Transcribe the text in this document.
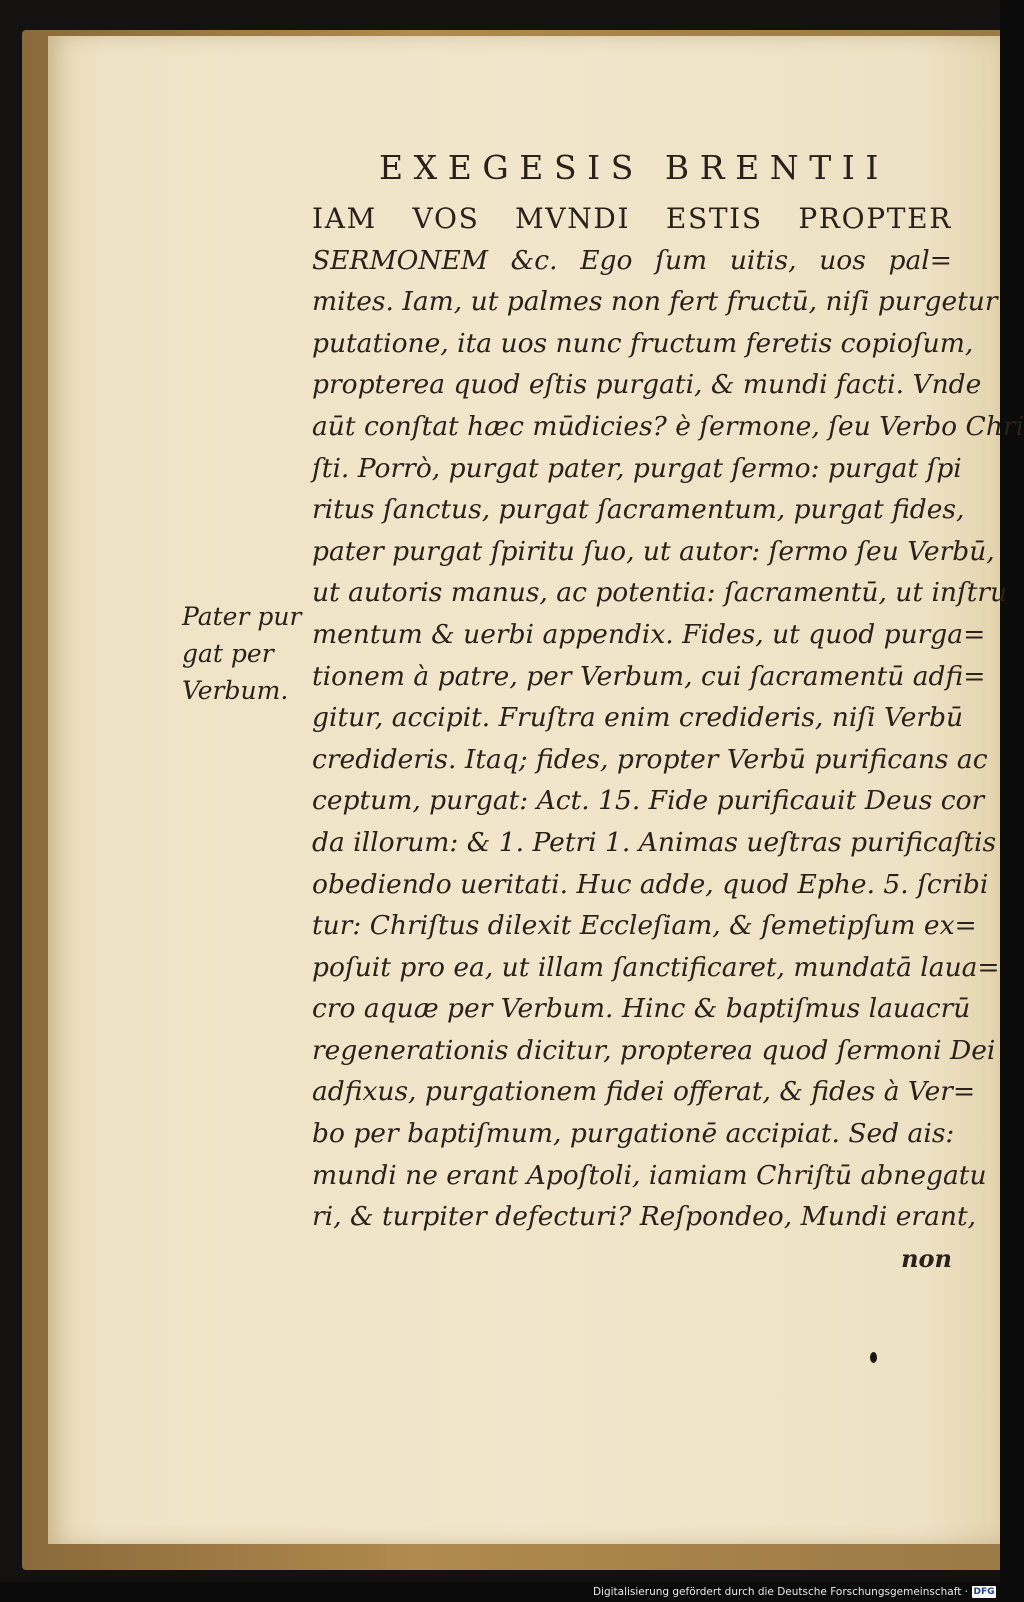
EXEGESIS BRENTII
IAM VOS MVNDI ESTIS PROPTER
SERMONEM &c. Ego ſum uitis, uos pal=
mites. Iam, ut palmes non fert fructū, niſi purgetur
putatione, ita uos nunc fructum feretis copioſum,
propterea quod eſtis purgati, & mundi facti. Vnde
aūt conſtat hæc mūdicies? è ſermone, ſeu Verbo Chri
ſti. Porrò, purgat pater, purgat ſermo: purgat ſpi
ritus ſanctus, purgat ſacramentum, purgat fides,
pater purgat ſpiritu ſuo, ut autor: ſermo ſeu Verbū,
ut autoris manus, ac potentia: ſacramentū, ut inſtru
mentum & uerbi appendix. Fides, ut quod purga=
tionem à patre, per Verbum, cui ſacramentū adfi=
gitur, accipit. Fruſtra enim credideris, niſi Verbū
credideris. Itaq; fides, propter Verbū purificans ac
ceptum, purgat: Act. 15. Fide purificauit Deus cor
da illorum: & 1. Petri 1. Animas ueſtras purificaſtis
obediendo ueritati. Huc adde, quod Ephe. 5. ſcribi
tur: Chriſtus dilexit Eccleſiam, & ſemetipſum ex=
poſuit pro ea, ut illam ſanctificaret, mundatā laua=
cro aquæ per Verbum. Hinc & baptiſmus lauacrū
regenerationis dicitur, propterea quod ſermoni Dei
adfixus, purgationem fidei offerat, & fides à Ver=
bo per baptiſmum, purgationē accipiat. Sed ais:
mundi ne erant Apoſtoli, iamiam Chriſtū abnegatu
ri, & turpiter defecturi? Reſpondeo, Mundi erant,
non
Pater pur
gat per
Verbum.
Digitalisierung gefördert durch die Deutsche Forschungsgemeinschaft · DFG
